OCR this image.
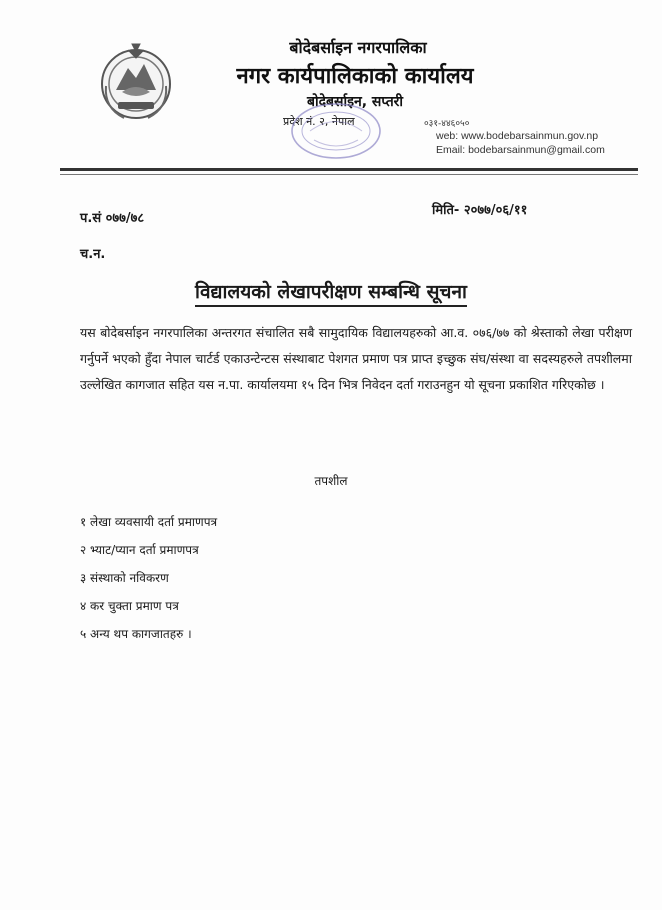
बोदेबर्साइन नगरपालिका
नगर कार्यपालिकाको कार्यालय
बोदेबर्साइन, सप्तरी
प्रदेश नं. २, नेपाल	०३१-४४६०५०
web: www.bodebarsainmun.gov.np
Email: bodebarsainmun@gmail.com
प.सं ०७७/७८
मिति- २०७७/०६/११
च.न.
विद्यालयको लेखापरीक्षण सम्बन्धि सूचना
यस बोदेबर्साइन नगरपालिका अन्तरगत संचालित सबै सामुदायिक विद्यालयहरुको आ.व. ०७६/७७ को श्रेस्ताको लेखा परीक्षण गर्नुपर्ने भएको हुँदा नेपाल चार्टर्ड एकाउन्टेन्टस संस्थाबाट पेशगत प्रमाण पत्र प्राप्त इच्छुक संघ/संस्था वा सदस्यहरुले तपशीलमा उल्लेखित कागजात सहित यस न.पा. कार्यालयमा १५ दिन भित्र निवेदन दर्ता गराउनहुन यो सूचना प्रकाशित गरिएकोछ ।
तपशील
१ लेखा व्यवसायी दर्ता प्रमाणपत्र
२ भ्याट/प्यान दर्ता प्रमाणपत्र
३ संस्थाको नविकरण
४ कर चुक्ता प्रमाण पत्र
५ अन्य थप कागजातहरु ।
